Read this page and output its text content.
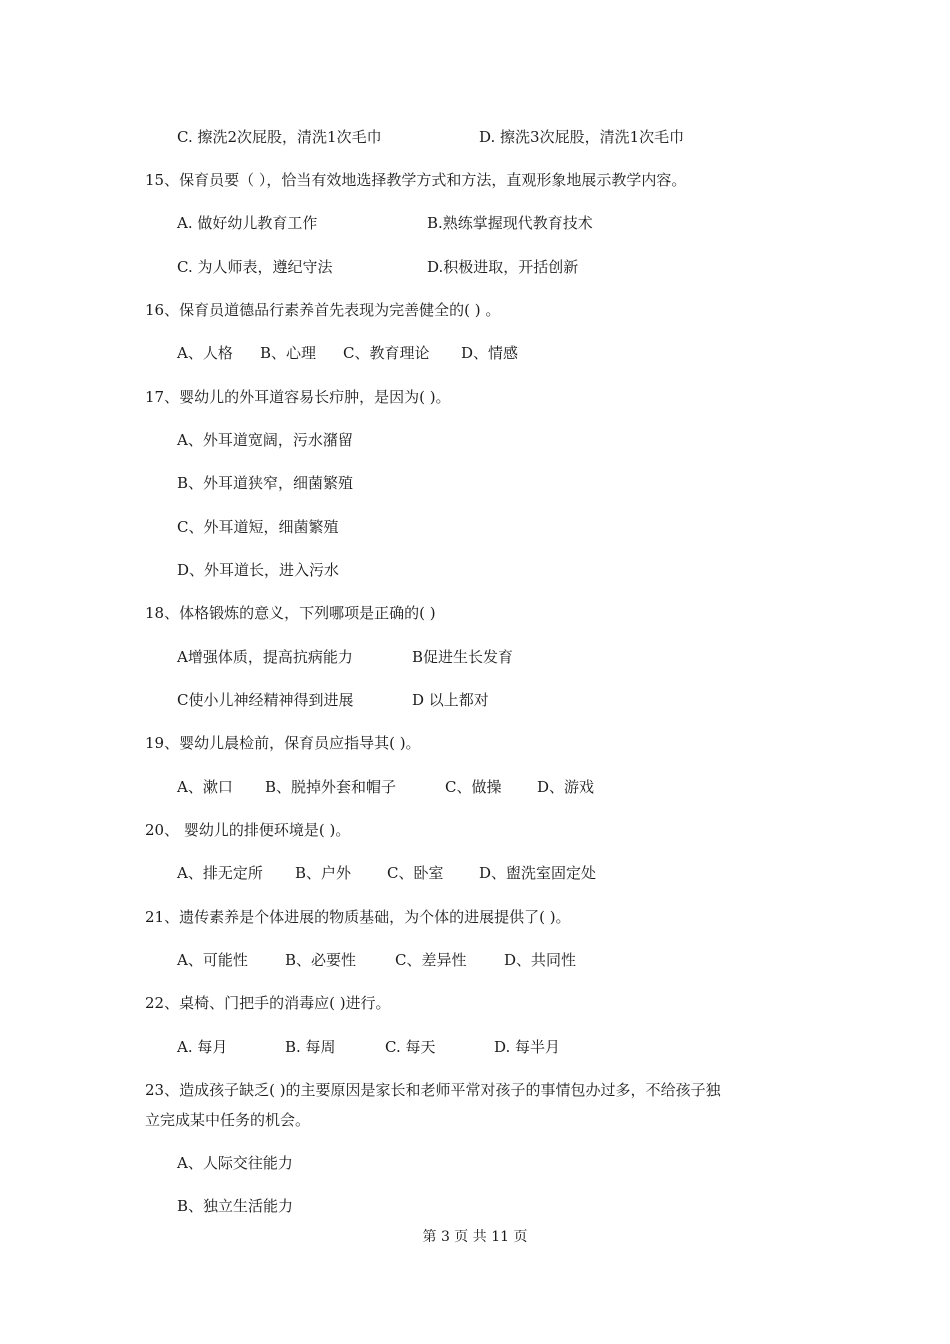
C. 擦洗2次屁股，清洗1次毛巾	D. 擦洗3次屁股，清洗1次毛巾
15、保育员要（ ），恰当有效地选择教学方式和方法，直观形象地展示教学内容。
A. 做好幼儿教育工作	B.熟练掌握现代教育技术
C. 为人师表，遵纪守法	D.积极进取，开括创新
16、保育员道德品行素养首先表现为完善健全的( ) 。
A、人格 B、心理 C、教育理论 D、情感
17、婴幼儿的外耳道容易长疖肿，是因为( )。
A、外耳道宽阔，污水潴留
B、外耳道狭窄，细菌繁殖
C、外耳道短，细菌繁殖
D、外耳道长，进入污水
18、体格锻炼的意义，下列哪项是正确的( )
A增强体质，提高抗病能力	B促进生长发育
C使小儿神经精神得到进展	D 以上都对
19、婴幼儿晨检前，保育员应指导其( )。
A、漱口 B、脱掉外套和帽子	C、做操 D、游戏
20、 婴幼儿的排便环境是( )。
A、排无定所 B、户外 C、卧室 D、盥洗室固定处
21、遗传素养是个体进展的物质基础，为个体的进展提供了( )。
A、可能性 B、必要性	C、差异性	D、共同性
22、桌椅、门把手的消毒应( )进行。
A. 每月	B. 每周	C. 每天	D. 每半月
23、造成孩子缺乏( )的主要原因是家长和老师平常对孩子的事情包办过多，不给孩子独
立完成某中任务的机会。
A、人际交往能力
B、独立生活能力
第 3 页 共 11 页
